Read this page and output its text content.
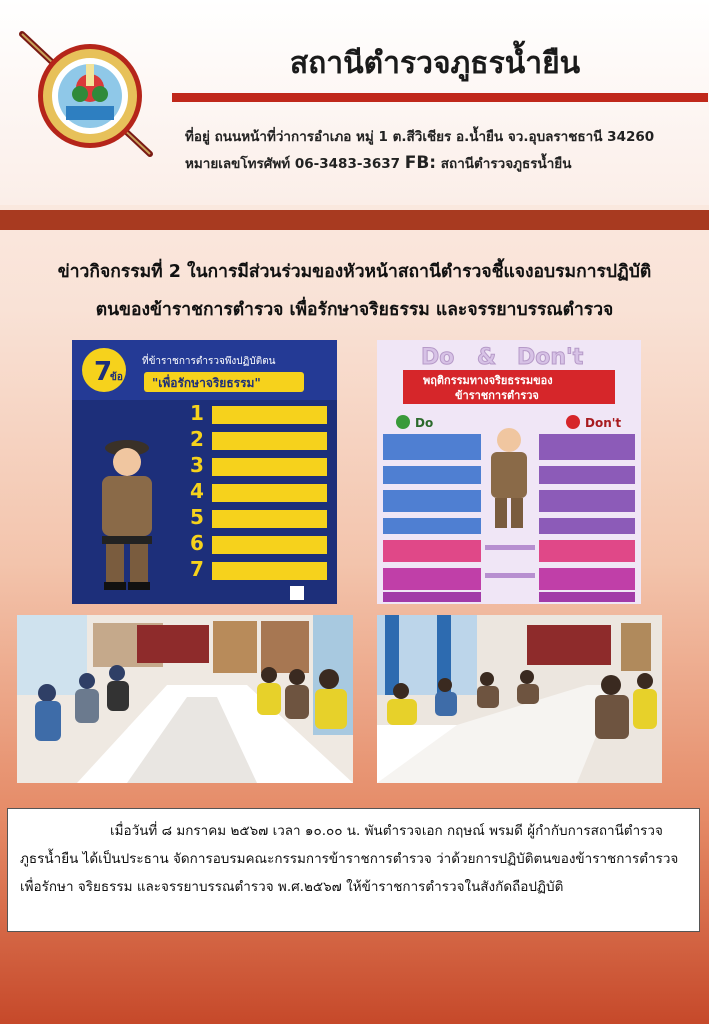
สถานีตำรวจภูธรน้ำยืน
ที่อยู่ ถนนหน้าที่ว่าการอำเภอ หมู่ 1 ต.สีวิเชียร อ.น้ำยืน จว.อุบลราชธานี 34260
หมายเลขโทรศัพท์ 06-3483-3637 FB: สถานีตำรวจภูธรน้ำยืน
ข่าวกิจกรรมที่ 2 ในการมีส่วนร่วมของหัวหน้าสถานีตำรวจชี้แจงอบรมการปฏิบัติ
ตนของข้าราชการตำรวจ เพื่อรักษาจริยธรรม และจรรยาบรรณตำรวจ
7
ข้อ
ที่ข้าราชการตำรวจพึงปฏิบัติตน
"เพื่อรักษาจริยธรรม"
1
2
3
4
5
6
7
Do & Don't
พฤติกรรมทางจริยธรรมของ
ข้าราชการตำรวจ
Do	Don't

เมื่อวันที่ ๘ มกราคม ๒๕๖๗ เวลา ๑๐.๐๐ น. พันตำรวจเอก กฤษณ์ พรมดี ผู้กำกับการสถานีตำรวจภูธรน้ำยืน ได้เป็นประธาน จัดการอบรมคณะกรรมการข้าราชการตำรวจ ว่าด้วยการปฏิบัติตนของข้าราชการตำรวจเพื่อรักษา จริยธรรม และจรรยาบรรณตำรวจ พ.ศ.๒๕๖๗ ให้ข้าราชการตำรวจในสังกัดถือปฏิบัติ
